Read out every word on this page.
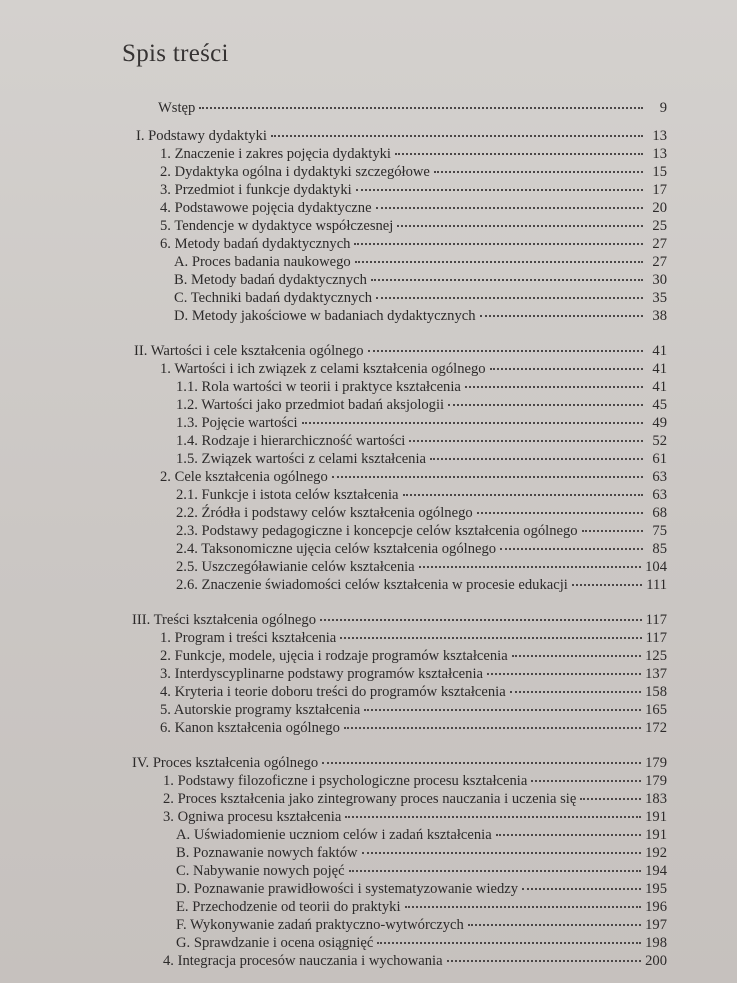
Spis treści
Wstęp	9
I. Podstawy dydaktyki	13
1. Znaczenie i zakres pojęcia dydaktyki	13
2. Dydaktyka ogólna i dydaktyki szczegółowe	15
3. Przedmiot i funkcje dydaktyki	17
4. Podstawowe pojęcia dydaktyczne	20
5. Tendencje w dydaktyce współczesnej	25
6. Metody badań dydaktycznych	27
A. Proces badania naukowego	27
B. Metody badań dydaktycznych	30
C. Techniki badań dydaktycznych	35
D. Metody jakościowe w badaniach dydaktycznych	38
II. Wartości i cele kształcenia ogólnego	41
1. Wartości i ich związek z celami kształcenia ogólnego	41
1.1. Rola wartości w teorii i praktyce kształcenia	41
1.2. Wartości jako przedmiot badań aksjologii	45
1.3. Pojęcie wartości	49
1.4. Rodzaje i hierarchiczność wartości	52
1.5. Związek wartości z celami kształcenia	61
2. Cele kształcenia ogólnego	63
2.1. Funkcje i istota celów kształcenia	63
2.2. Źródła i podstawy celów kształcenia ogólnego	68
2.3. Podstawy pedagogiczne i koncepcje celów kształcenia ogólnego	75
2.4. Taksonomiczne ujęcia celów kształcenia ogólnego	85
2.5. Uszczegóławianie celów kształcenia	104
2.6. Znaczenie świadomości celów kształcenia w procesie edukacji	111
III. Treści kształcenia ogólnego	117
1. Program i treści kształcenia	117
2. Funkcje, modele, ujęcia i rodzaje programów kształcenia	125
3. Interdyscyplinarne podstawy programów kształcenia	137
4. Kryteria i teorie doboru treści do programów kształcenia	158
5. Autorskie programy kształcenia	165
6. Kanon kształcenia ogólnego	172
IV. Proces kształcenia ogólnego	179
1. Podstawy filozoficzne i psychologiczne procesu kształcenia	179
2. Proces kształcenia jako zintegrowany proces nauczania i uczenia się	183
3. Ogniwa procesu kształcenia	191
A. Uświadomienie uczniom celów i zadań kształcenia	191
B. Poznawanie nowych faktów	192
C. Nabywanie nowych pojęć	194
D. Poznawanie prawidłowości i systematyzowanie wiedzy	195
E. Przechodzenie od teorii do praktyki	196
F. Wykonywanie zadań praktyczno-wytwórczych	197
G. Sprawdzanie i ocena osiągnięć	198
4. Integracja procesów nauczania i wychowania	200
